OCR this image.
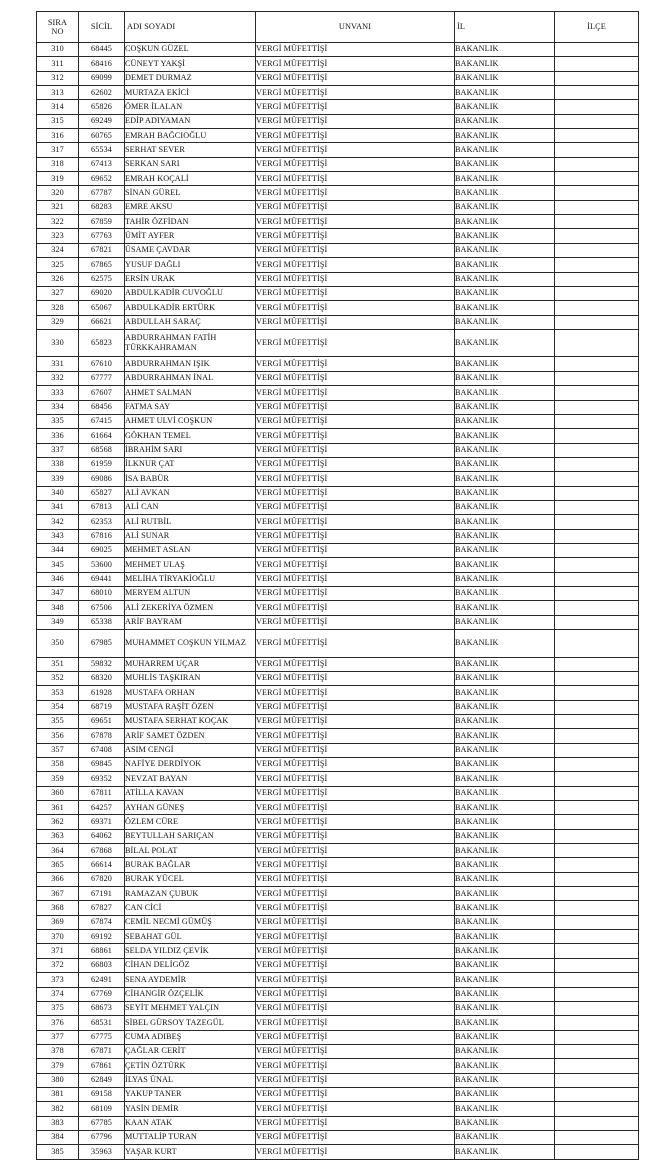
SIRA
NO	SİCİL	ADI SOYADI	UNVANI	İL	İLÇE
310	68445	COŞKUN GÜZEL	VERGİ MÜFETTİŞİ	BAKANLIK	
311	68416	CÜNEYT YAKŞİ	VERGİ MÜFETTİŞİ	BAKANLIK	
312	69099	DEMET DURMAZ	VERGİ MÜFETTİŞİ	BAKANLIK	
313	62602	MURTAZA EKİCİ	VERGİ MÜFETTİŞİ	BAKANLIK	
314	65826	ÖMER İLALAN	VERGİ MÜFETTİŞİ	BAKANLIK	
315	69249	EDİP ADIYAMAN	VERGİ MÜFETTİŞİ	BAKANLIK	
316	60765	EMRAH BAĞCIOĞLU	VERGİ MÜFETTİŞİ	BAKANLIK	
317	65534	SERHAT SEVER	VERGİ MÜFETTİŞİ	BAKANLIK	
318	67413	SERKAN SARI	VERGİ MÜFETTİŞİ	BAKANLIK	
319	69652	EMRAH KOÇALİ	VERGİ MÜFETTİŞİ	BAKANLIK	
320	67787	SİNAN GÜREL	VERGİ MÜFETTİŞİ	BAKANLIK	
321	68283	EMRE AKSU	VERGİ MÜFETTİŞİ	BAKANLIK	
322	67859	TAHİR ÖZFİDAN	VERGİ MÜFETTİŞİ	BAKANLIK	
323	67763	ÜMİT AYFER	VERGİ MÜFETTİŞİ	BAKANLIK	
324	67821	ÜSAME ÇAVDAR	VERGİ MÜFETTİŞİ	BAKANLIK	
325	67865	YUSUF DAĞLI	VERGİ MÜFETTİŞİ	BAKANLIK	
326	62575	ERSİN URAK	VERGİ MÜFETTİŞİ	BAKANLIK	
327	69020	ABDULKADİR CUVOĞLU	VERGİ MÜFETTİŞİ	BAKANLIK	
328	65067	ABDULKADİR ERTÜRK	VERGİ MÜFETTİŞİ	BAKANLIK	
329	66621	ABDULLAH SARAÇ	VERGİ MÜFETTİŞİ	BAKANLIK	
330	65823	ABDURRAHMAN FATİH
TÜRKKAHRAMAN	VERGİ MÜFETTİŞİ	BAKANLIK	
331	67610	ABDURRAHMAN IŞIK	VERGİ MÜFETTİŞİ	BAKANLIK	
332	67777	ABDURRAHMAN İNAL	VERGİ MÜFETTİŞİ	BAKANLIK	
333	67607	AHMET SALMAN	VERGİ MÜFETTİŞİ	BAKANLIK	
334	68456	FATMA SAY	VERGİ MÜFETTİŞİ	BAKANLIK	
335	67415	AHMET ULVİ COŞKUN	VERGİ MÜFETTİŞİ	BAKANLIK	
336	61664	GÖKHAN TEMEL	VERGİ MÜFETTİŞİ	BAKANLIK	
337	68568	İBRAHİM SARI	VERGİ MÜFETTİŞİ	BAKANLIK	
338	61959	İLKNUR ÇAT	VERGİ MÜFETTİŞİ	BAKANLIK	
339	69086	İSA BABÜR	VERGİ MÜFETTİŞİ	BAKANLIK	
340	65827	ALİ AVKAN	VERGİ MÜFETTİŞİ	BAKANLIK	
341	67813	ALİ CAN	VERGİ MÜFETTİŞİ	BAKANLIK	
342	62353	ALİ RUTBİL	VERGİ MÜFETTİŞİ	BAKANLIK	
343	67816	ALİ SUNAR	VERGİ MÜFETTİŞİ	BAKANLIK	
344	69025	MEHMET ASLAN	VERGİ MÜFETTİŞİ	BAKANLIK	
345	53600	MEHMET ULAŞ	VERGİ MÜFETTİŞİ	BAKANLIK	
346	69441	MELİHA TİRYAKİOĞLU	VERGİ MÜFETTİŞİ	BAKANLIK	
347	68010	MERYEM ALTUN	VERGİ MÜFETTİŞİ	BAKANLIK	
348	67506	ALİ ZEKERİYA ÖZMEN	VERGİ MÜFETTİŞİ	BAKANLIK	
349	65338	ARİF BAYRAM	VERGİ MÜFETTİŞİ	BAKANLIK	
350	67985	MUHAMMET COŞKUN YILMAZ	VERGİ MÜFETTİŞİ	BAKANLIK	
351	59832	MUHARREM UÇAR	VERGİ MÜFETTİŞİ	BAKANLIK	
352	68320	MUHLİS TAŞKIRAN	VERGİ MÜFETTİŞİ	BAKANLIK	
353	61928	MUSTAFA ORHAN	VERGİ MÜFETTİŞİ	BAKANLIK	
354	68719	MUSTAFA RAŞİT ÖZEN	VERGİ MÜFETTİŞİ	BAKANLIK	
355	69651	MUSTAFA SERHAT KOÇAK	VERGİ MÜFETTİŞİ	BAKANLIK	
356	67878	ARİF SAMET ÖZDEN	VERGİ MÜFETTİŞİ	BAKANLIK	
357	67408	ASIM CENGİ	VERGİ MÜFETTİŞİ	BAKANLIK	
358	69845	NAFİYE DERDİYOK	VERGİ MÜFETTİŞİ	BAKANLIK	
359	69352	NEVZAT BAYAN	VERGİ MÜFETTİŞİ	BAKANLIK	
360	67811	ATİLLA KAVAN	VERGİ MÜFETTİŞİ	BAKANLIK	
361	64257	AYHAN GÜNEŞ	VERGİ MÜFETTİŞİ	BAKANLIK	
362	69371	ÖZLEM CÜRE	VERGİ MÜFETTİŞİ	BAKANLIK	
363	64062	BEYTULLAH SARIÇAN	VERGİ MÜFETTİŞİ	BAKANLIK	
364	67868	BİLAL POLAT	VERGİ MÜFETTİŞİ	BAKANLIK	
365	66614	BURAK BAĞLAR	VERGİ MÜFETTİŞİ	BAKANLIK	
366	67820	BURAK YÜCEL	VERGİ MÜFETTİŞİ	BAKANLIK	
367	67191	RAMAZAN ÇUBUK	VERGİ MÜFETTİŞİ	BAKANLIK	
368	67827	CAN CİCİ	VERGİ MÜFETTİŞİ	BAKANLIK	
369	67874	CEMİL NECMİ GÜMÜŞ	VERGİ MÜFETTİŞİ	BAKANLIK	
370	69192	SEBAHAT GÜL	VERGİ MÜFETTİŞİ	BAKANLIK	
371	68861	SELDA YILDIZ ÇEVİK	VERGİ MÜFETTİŞİ	BAKANLIK	
372	66803	CİHAN DELİGÖZ	VERGİ MÜFETTİŞİ	BAKANLIK	
373	62491	SENA AYDEMİR	VERGİ MÜFETTİŞİ	BAKANLIK	
374	67769	CİHANGİR ÖZÇELİK	VERGİ MÜFETTİŞİ	BAKANLIK	
375	68673	SEYİT MEHMET YALÇIN	VERGİ MÜFETTİŞİ	BAKANLIK	
376	68531	SİBEL GÜRSOY TAZEGÜL	VERGİ MÜFETTİŞİ	BAKANLIK	
377	67775	CUMA ADIBEŞ	VERGİ MÜFETTİŞİ	BAKANLIK	
378	67871	ÇAĞLAR CERİT	VERGİ MÜFETTİŞİ	BAKANLIK	
379	67861	ÇETİN ÖZTÜRK	VERGİ MÜFETTİŞİ	BAKANLIK	
380	62849	İLYAS ÜNAL	VERGİ MÜFETTİŞİ	BAKANLIK	
381	69158	YAKUP TANER	VERGİ MÜFETTİŞİ	BAKANLIK	
382	68109	YASİN DEMİR	VERGİ MÜFETTİŞİ	BAKANLIK	
383	67785	KAAN ATAK	VERGİ MÜFETTİŞİ	BAKANLIK	
384	67796	MUTTALİP TURAN	VERGİ MÜFETTİŞİ	BAKANLIK	
385	35963	YAŞAR KURT	VERGİ MÜFETTİŞİ	BAKANLIK	
